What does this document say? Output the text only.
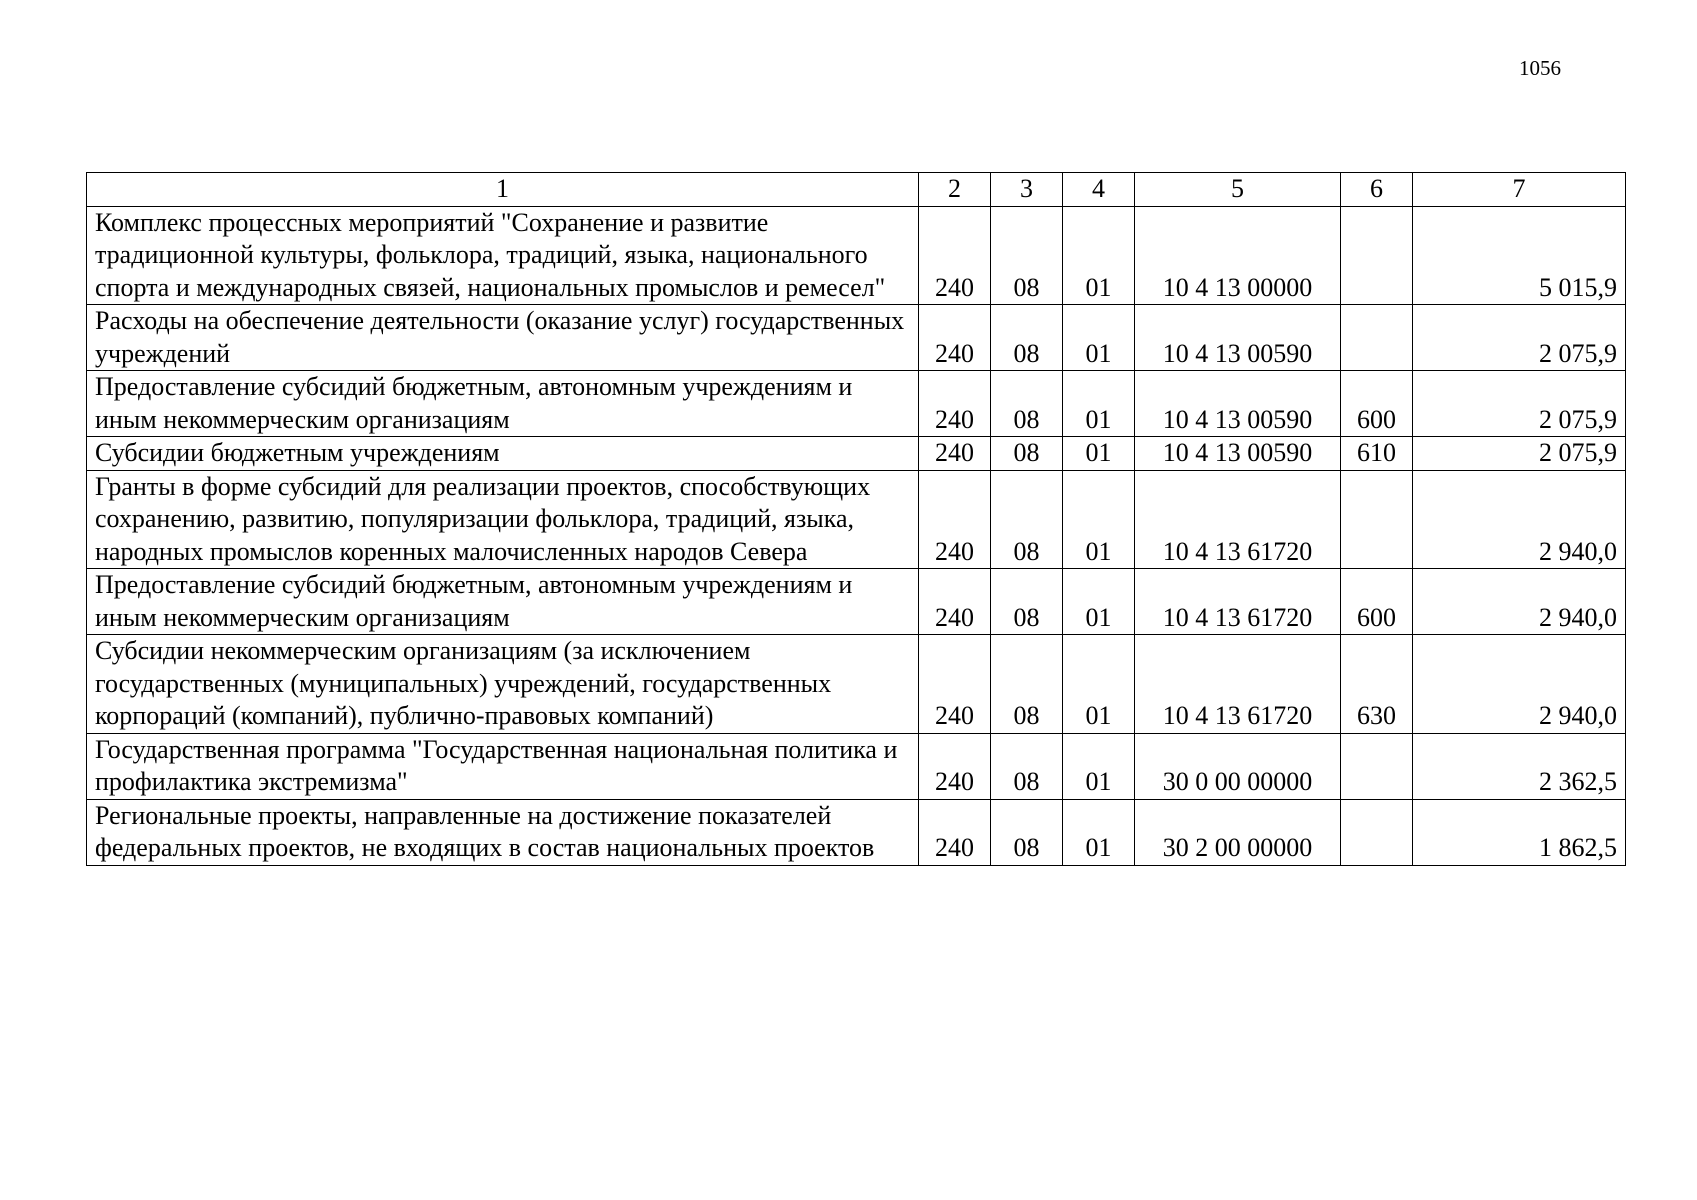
1056
1	2	3	4	5	6	7
Комплекс процессных мероприятий "Сохранение и развитие традиционной культуры, фольклора, традиций, языка, национального спорта и международных связей, национальных промыслов и ремесел"	240	08	01	10 4 13 00000		5 015,9
Расходы на обеспечение деятельности (оказание услуг) государственных учреждений	240	08	01	10 4 13 00590		2 075,9
Предоставление субсидий бюджетным, автономным учреждениям и иным некоммерческим организациям	240	08	01	10 4 13 00590	600	2 075,9
Субсидии бюджетным учреждениям	240	08	01	10 4 13 00590	610	2 075,9
Гранты в форме субсидий для реализации проектов, способствующих сохранению, развитию, популяризации фольклора, традиций, языка, народных промыслов коренных малочисленных народов Севера	240	08	01	10 4 13 61720		2 940,0
Предоставление субсидий бюджетным, автономным учреждениям и иным некоммерческим организациям	240	08	01	10 4 13 61720	600	2 940,0
Субсидии некоммерческим организациям (за исключением государственных (муниципальных) учреждений, государственных корпораций (компаний), публично-правовых компаний)	240	08	01	10 4 13 61720	630	2 940,0
Государственная программа "Государственная национальная политика и профилактика экстремизма"	240	08	01	30 0 00 00000		2 362,5
Региональные проекты, направленные на достижение показателей федеральных проектов, не входящих в состав национальных проектов	240	08	01	30 2 00 00000		1 862,5
